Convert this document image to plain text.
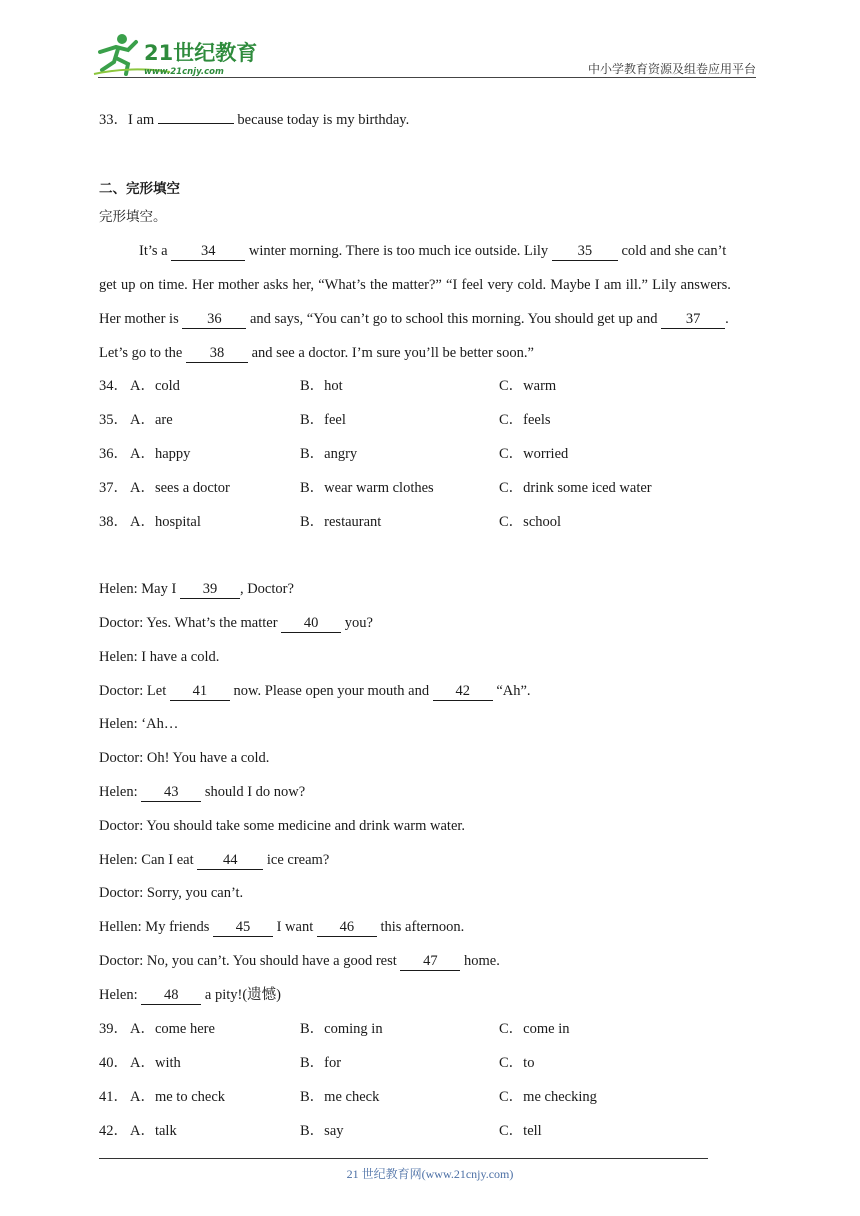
21世纪教育
www.21cnjy.com	中小学教育资源及组卷应用平台
33．I am	because today is my birthday.
二、完形填空
完形填空。
It’s a 34 winter morning. There is too much ice outside. Lily 35 cold and she can’t
get up on time. Her mother asks her, “What’s the matter?” “I feel very cold. Maybe I am ill.” Lily answers.
Her mother is 36 and says, “You can’t go to school this morning. You should get up and 37 .
Let’s go to the 38 and see a doctor. I’m sure you’ll be better soon.”
34． A．cold	B．hot	C．warm
35． A．are	B．feel	C．feels
36． A．happy	B．angry	C．worried
37． A．sees a doctor	B．wear warm clothes	C．drink some iced water
38． A．hospital	B．restaurant	C．school
Helen: May I 39 , Doctor?
Doctor: Yes. What’s the matter 40 you?
Helen: I have a cold.
Doctor: Let 41 now. Please open your mouth and 42 “Ah”.
Helen: ‘Ah…
Doctor: Oh! You have a cold.
Helen: 43 should I do now?
Doctor: You should take some medicine and drink warm water.
Helen: Can I eat 44 ice cream?
Doctor: Sorry, you can’t.
Hellen: My friends 45 I want 46 this afternoon.
Doctor: No, you can’t. You should have a good rest 47 home.
Helen: 48 a pity!(遗憾)
39． A．come here	B．coming in	C．come in
40． A．with	B．for	C．to
41． A．me to check	B．me check	C．me checking
42． A．talk	B．say	C．tell
21 世纪教育网(www.21cnjy.com)
